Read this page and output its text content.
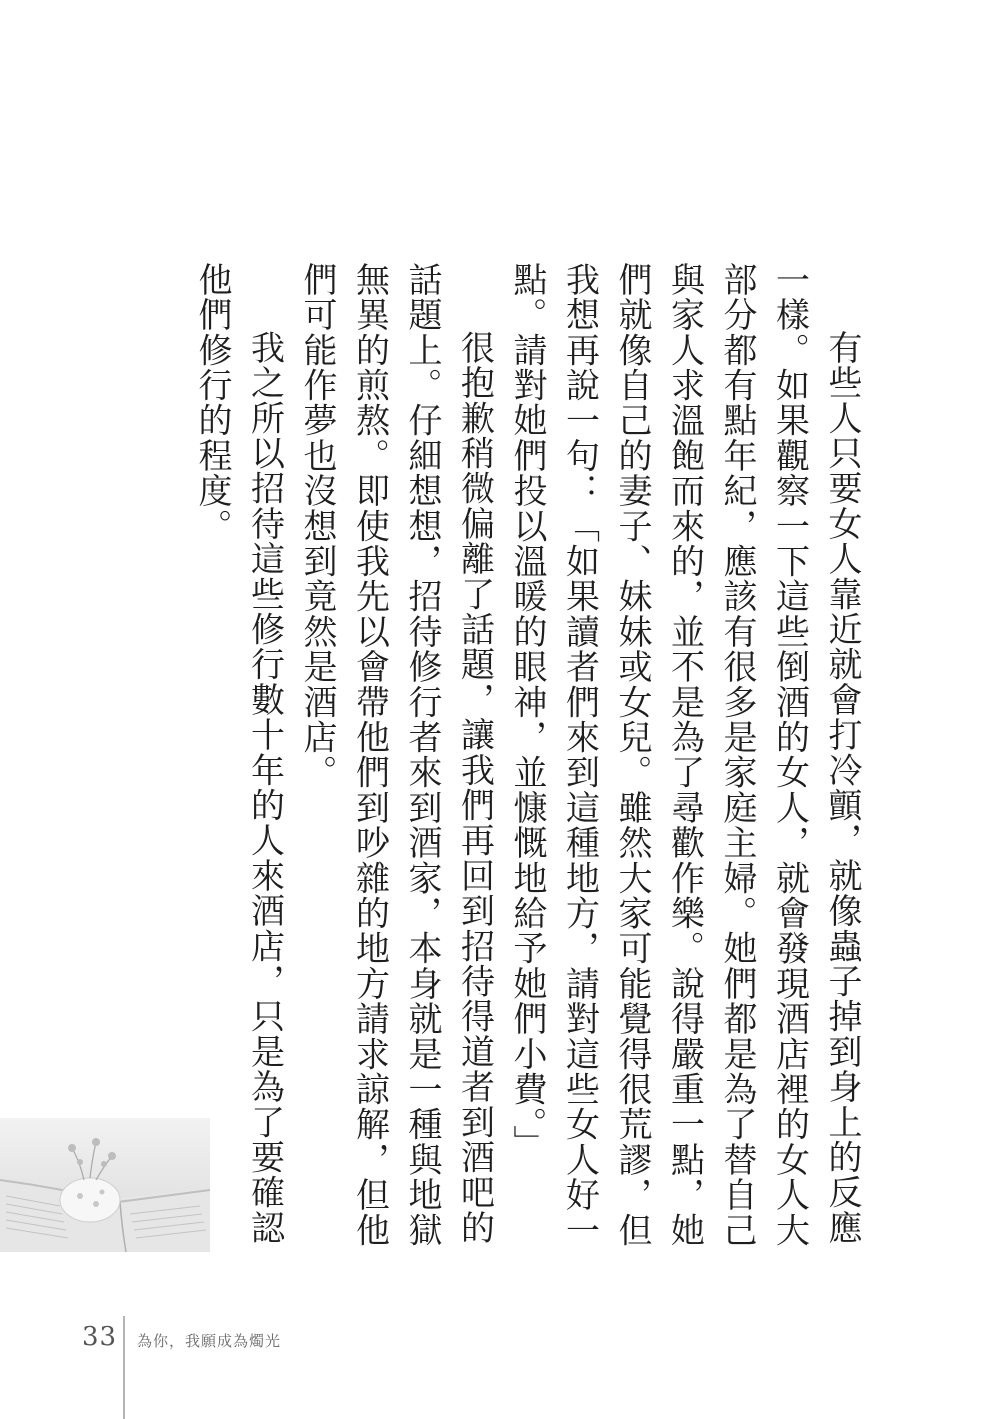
有些人只要女人靠近就會打冷顫，就像蟲子掉到身上的反應一樣。如果觀察一下這些倒酒的女人，就會發現酒店裡的女人大部分都有點年紀，應該有很多是家庭主婦。她們都是為了替自己與家人求溫飽而來的，並不是為了尋歡作樂。說得嚴重一點，她們就像自己的妻子、妹妹或女兒。雖然大家可能覺得很荒謬，但我想再說一句：「如果讀者們來到這種地方，請對這些女人好一點。請對她們投以溫暖的眼神，並慷慨地給予她們小費。」

很抱歉稍微偏離了話題，讓我們再回到招待得道者到酒吧的話題上。仔細想想，招待修行者來到酒家，本身就是一種與地獄無異的煎熬。即使我先以會帶他們到吵雜的地方請求諒解，但他們可能作夢也沒想到竟然是酒店。

我之所以招待這些修行數十年的人來酒店，只是為了要確認他們修行的程度。

33 為你，我願成為燭光
